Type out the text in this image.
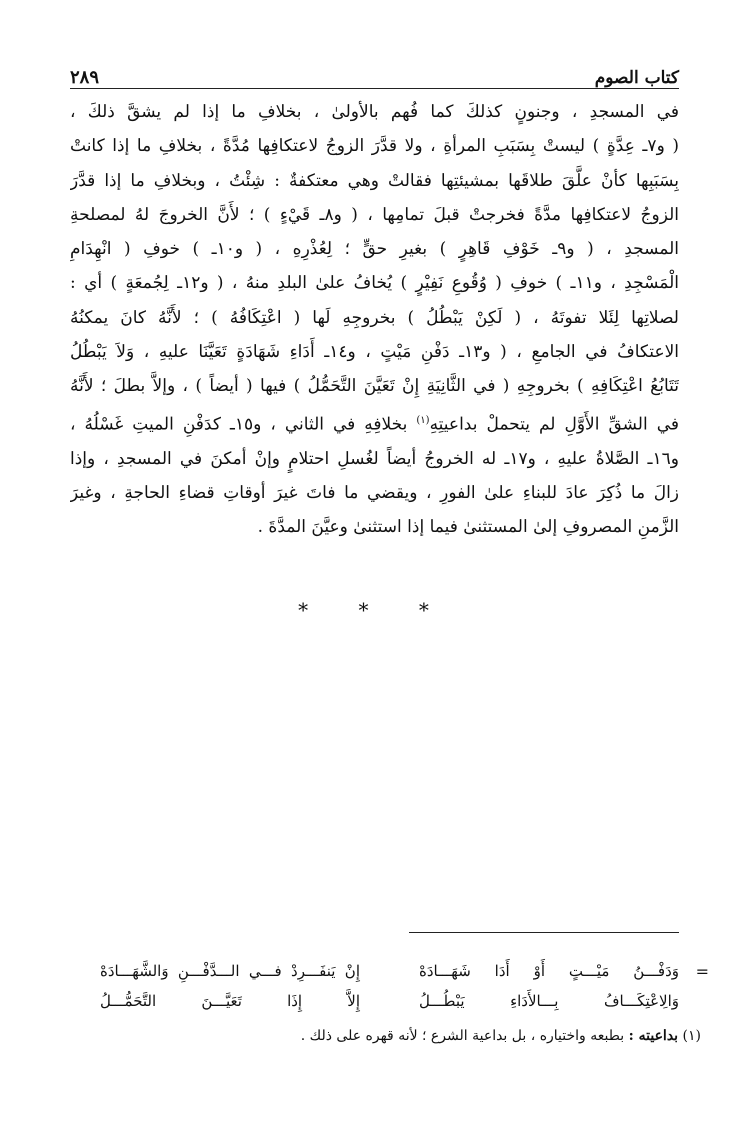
كتاب الصوم
٢٨٩
في المسجدِ ، وجنونٍ كذلكَ كما فُهم بالأولىٰ ، بخلافِ ما إذا لم يشقَّ ذلكَ ،
( و٧ـ عِدَّةٍ ) ليستْ بِسَبَبِ المرأةِ ، ولا قدَّرَ الزوجُ لاعتكافِها مُدَّةً ، بخلافِ ما إذا كانتْ
بِسَبَبِها كأنْ علَّقَ طلاقَها بمشيئتِها فقالتْ وهي معتكفةٌ : شِئْتُ ، وبخلافِ ما إذا قدَّرَ
الزوجُ لاعتكافِها مدَّةً فخرجتْ قبلَ تمامِها ، ( و٨ـ قَيْءٍ ) ؛ لأَنَّ الخروجَ لهُ لمصلحةِ
المسجدِ ، ( و٩ـ خَوْفِ قَاهِرٍ ) بغيرِ حقٍّ ؛ لِعُذْرِهِ ، ( و١٠ـ ) خوفِ ( انْهِدَامِ
الْمَسْجِدِ ، و١١ـ ) خوفِ ( وُقُوعِ نَفِيْرٍ ) يُخافُ علىٰ البلدِ منهُ ، ( و١٢ـ لِجُمعَةٍ ) أي :
لصلاتِها لِئَلا تفوتَهُ ، ( لَكِنْ يَبْطُلُ ) بخروجِهِ لَها ( اعْتِكَافُهُ ) ؛ لأَنَّهُ كانَ يمكنُهُ
الاعتكافُ في الجامعِ ، ( و١٣ـ دَفْنِ مَيْتٍ ، و١٤ـ أَدَاءِ شَهَادَةٍ تَعَيَّنَا عليهِ ، وَلاَ يَبْطُلُ
تَتَابُعُ اعْتِكَافِهِ ) بخروجِهِ ( في الثَّانِيَةِ إِنْ تَعَيَّنَ التَّحَمُّلُ ) فيها ( أيضاً ) ، وإلاَّ بطلَ ؛ لأَنَّهُ
في الشقِّ الأَوَّلِ لم يتحملْ بداعيتِهِ$^{(١)}$ بخلافِهِ في الثاني ، و١٥ـ كدَفْنِ الميتِ غَسْلُهُ ،
و١٦ـ الصَّلاةُ عليهِ ، و١٧ـ له الخروجُ أيضاً لغُسلِ احتلامٍ وإنْ أمكنَ في المسجدِ ، وإذا
زالَ ما ذُكِرَ عادَ للبناءِ علىٰ الفورِ ، ويقضي ما فاتَ غيرَ أوقاتِ قضاءِ الحاجةِ ، وغيرَ
الزَّمنِ المصروفِ إلىٰ المستثنىٰ فيما إذا استثنىٰ وعيَّنَ المدَّةَ .
* * *
=
وَدَفْـــنُ مَيْـــتٍ أَوْ أَدَا شَهَـــادَهْ
إِنْ يَنفَـــرِدْ فـــي الـــدَّفْـــنِ وَالشَّهَـــادَهْ
وَالِاعْتِكَـــافُ بِـــالأَدَاءِ يَبْطُـــلُ
إِلاَّ إِذَا تَعَيَّـــنَ التَّحَمُّـــلُ
(١) بداعيته : بطبعه واختياره ، بل بداعية الشرع ؛ لأنه قهره على ذلك .
